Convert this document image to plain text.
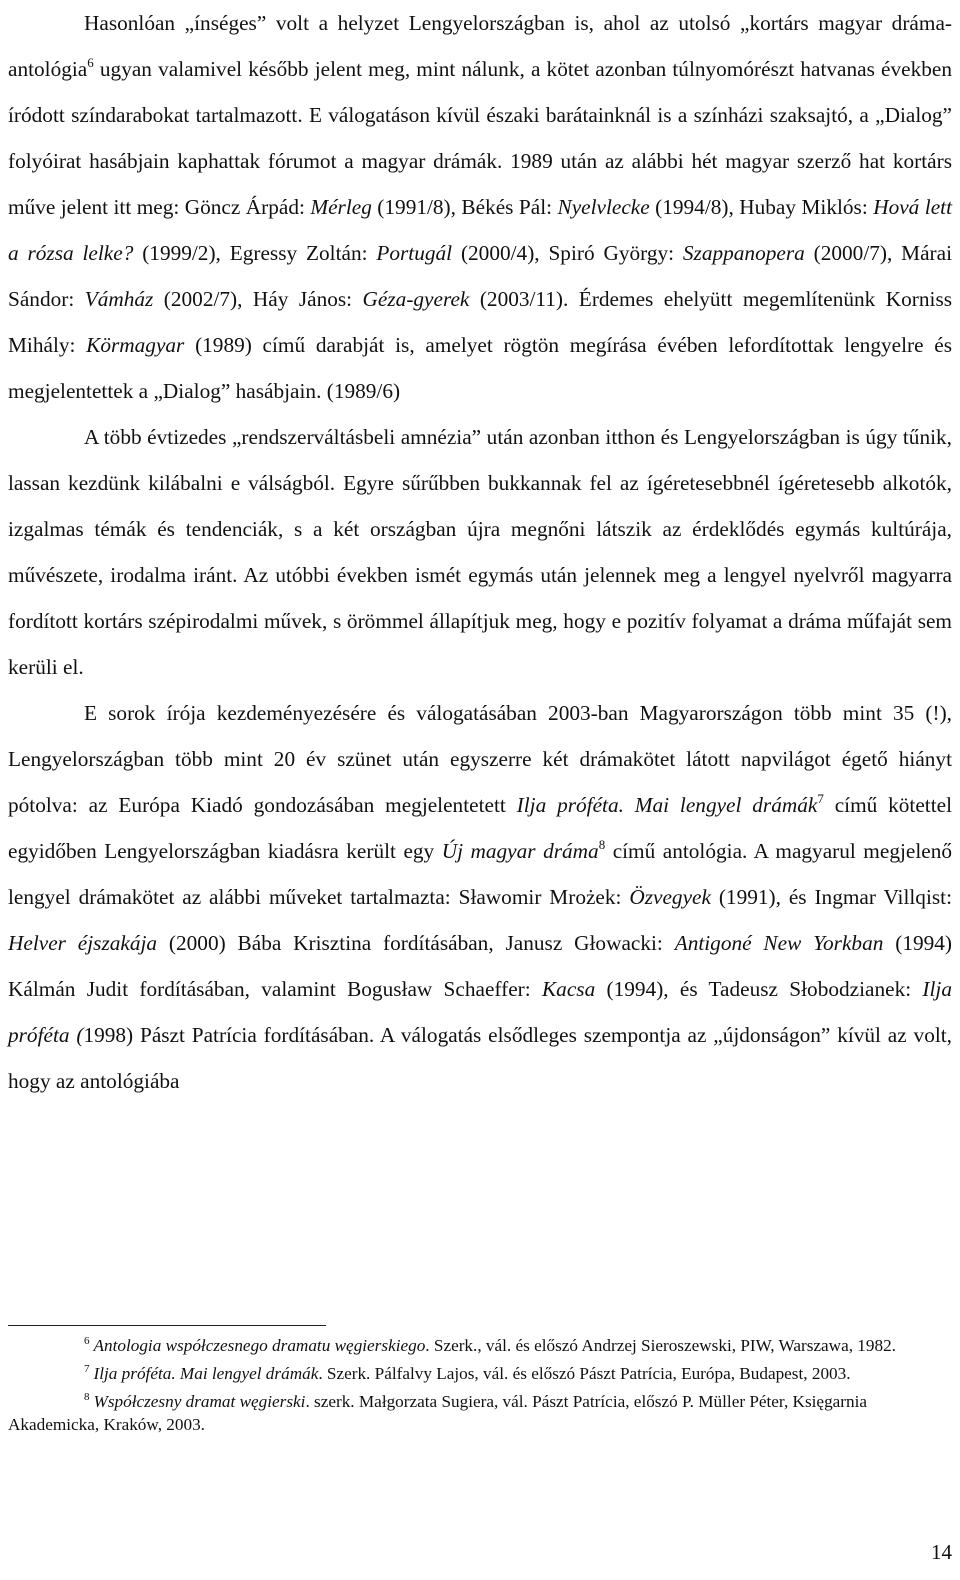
Hasonlóan „ínséges” volt a helyzet Lengyelországban is, ahol az utolsó „kortárs magyar dráma-antológia$^6$ ugyan valamivel később jelent meg, mint nálunk, a kötet azonban túlnyomórészt hatvanas években íródott színdarabokat tartalmazott. E válogatáson kívül északi barátainknál is a színházi szaksajtó, a „Dialog” folyóirat hasábjain kaphattak fórumot a magyar drámák. 1989 után az alábbi hét magyar szerző hat kortárs műve jelent itt meg: Göncz Árpád: Mérleg (1991/8), Békés Pál: Nyelvlecke (1994/8), Hubay Miklós: Hová lett a rózsa lelke? (1999/2), Egressy Zoltán: Portugál (2000/4), Spiró György: Szappanopera (2000/7), Márai Sándor: Vámház (2002/7), Háy János: Géza-gyerek (2003/11). Érdemes ehelyütt megemlítenünk Korniss Mihály: Körmagyar (1989) című darabját is, amelyet rögtön megírása évében lefordítottak lengyelre és megjelentettek a „Dialog” hasábjain. (1989/6)

A több évtizedes „rendszerváltásbeli amnézia” után azonban itthon és Lengyelországban is úgy tűnik, lassan kezdünk kilábalni e válságból. Egyre sűrűbben bukkannak fel az ígéretesebbnél ígéretesebb alkotók, izgalmas témák és tendenciák, s a két országban újra megnőni látszik az érdeklődés egymás kultúrája, művészete, irodalma iránt. Az utóbbi években ismét egymás után jelennek meg a lengyel nyelvről magyarra fordított kortárs szépirodalmi művek, s örömmel állapítjuk meg, hogy e pozitív folyamat a dráma műfaját sem kerüli el.

E sorok írója kezdeményezésére és válogatásában 2003-ban Magyarországon több mint 35 (!), Lengyelországban több mint 20 év szünet után egyszerre két drámakötet látott napvilágot égető hiányt pótolva: az Európa Kiadó gondozásában megjelentetett Ilja próféta. Mai lengyel drámák$^7$ című kötettel egyidőben Lengyelországban kiadásra került egy Új magyar dráma$^8$ című antológia. A magyarul megjelenő lengyel drámakötet az alábbi műveket tartalmazta: Sławomir Mrożek: Özvegyek (1991), és Ingmar Villqist: Helver éjszakája (2000) Bába Krisztina fordításában, Janusz Głowacki: Antigoné New Yorkban (1994) Kálmán Judit fordításában, valamint Bogusław Schaeffer: Kacsa (1994), és Tadeusz Słobodzianek: Ilja próféta (1998) Pászt Patrícia fordításában. A válogatás elsődleges szempontja az „újdonságon” kívül az volt, hogy az antológiába

$^6$ Antologia współczesnego dramatu węgierskiego. Szerk., vál. és előszó Andrzej Sieroszewski, PIW, Warszawa, 1982.

$^7$ Ilja próféta. Mai lengyel drámák. Szerk. Pálfalvy Lajos, vál. és előszó Pászt Patrícia, Európa, Budapest, 2003.

$^8$ Współczesny dramat węgierski. szerk. Małgorzata Sugiera, vál. Pászt Patrícia, előszó P. Müller Péter, Księgarnia Akademicka, Kraków, 2003.

14
